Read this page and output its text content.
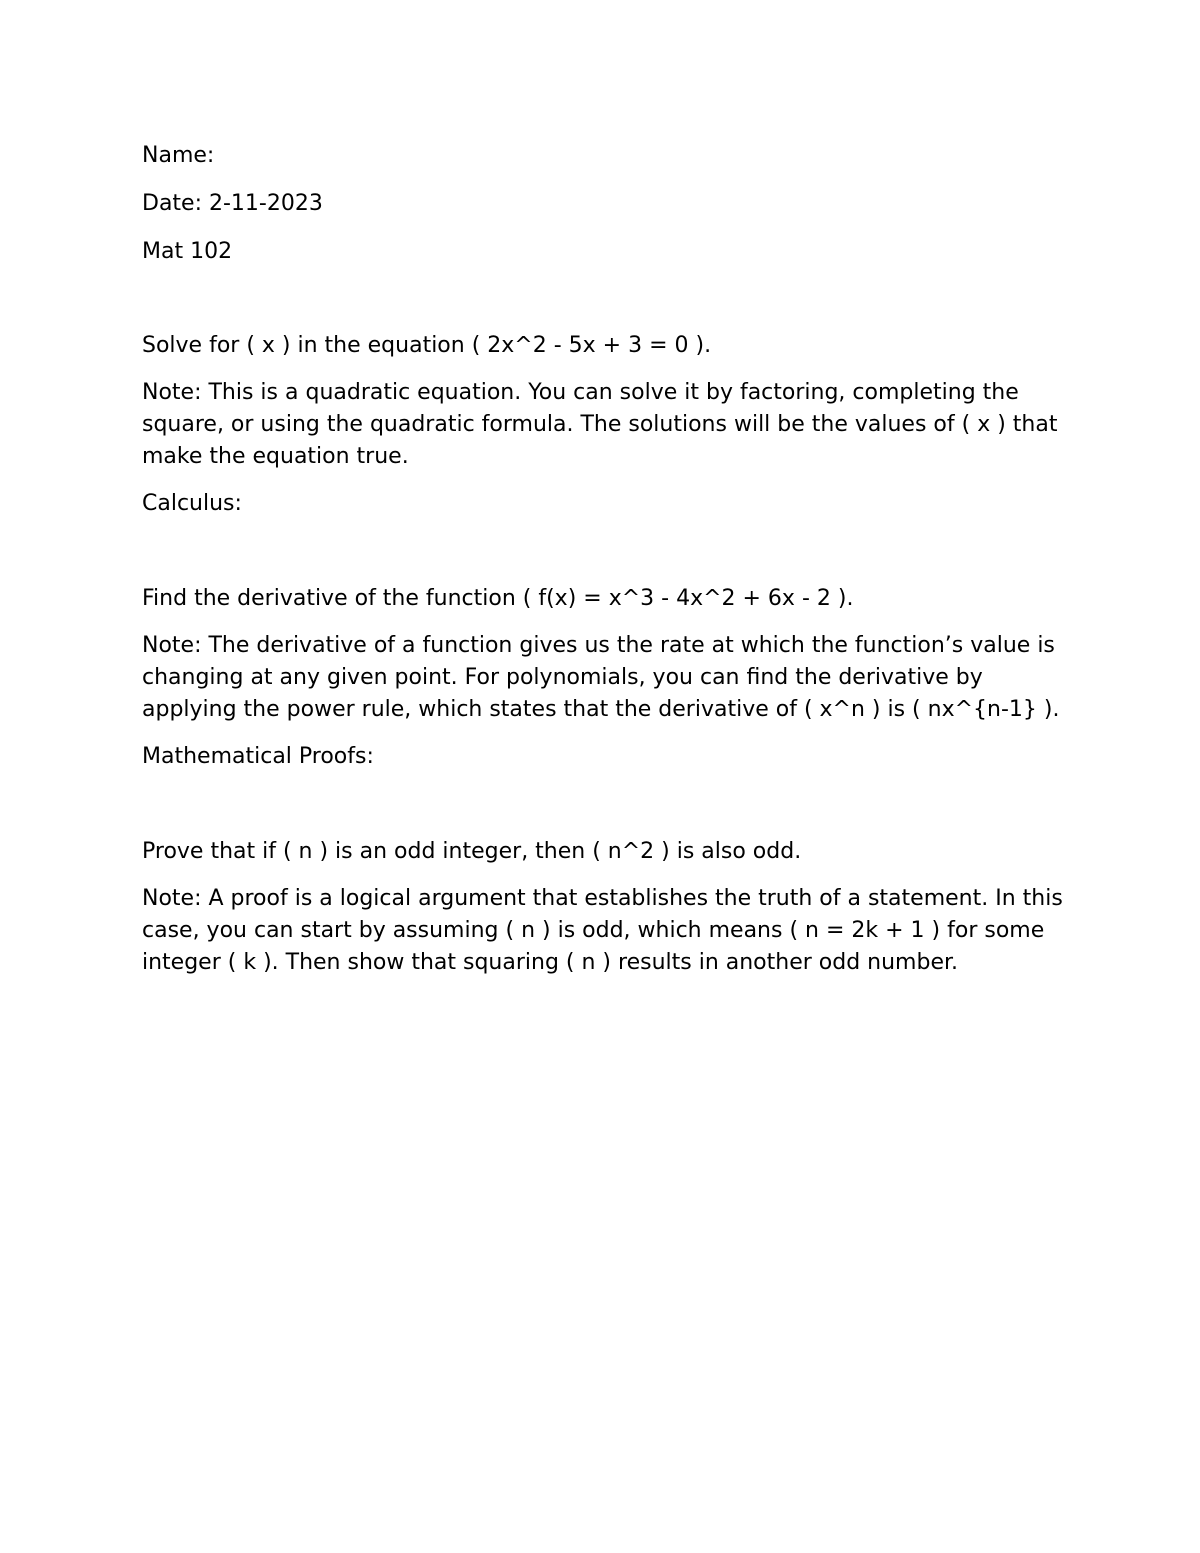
Name:

Date: 2-11-2023

Mat 102

Solve for ( x ) in the equation ( 2x^2 - 5x + 3 = 0 ).

Note: This is a quadratic equation. You can solve it by factoring, completing the square, or using the quadratic formula. The solutions will be the values of ( x ) that make the equation true.

Calculus:

Find the derivative of the function ( f(x) = x^3 - 4x^2 + 6x - 2 ).

Note: The derivative of a function gives us the rate at which the function’s value is changing at any given point. For polynomials, you can find the derivative by applying the power rule, which states that the derivative of ( x^n ) is ( nx^{n-1} ).

Mathematical Proofs:

Prove that if ( n ) is an odd integer, then ( n^2 ) is also odd.

Note: A proof is a logical argument that establishes the truth of a statement. In this case, you can start by assuming ( n ) is odd, which means ( n = 2k + 1 ) for some integer ( k ). Then show that squaring ( n ) results in another odd number.
